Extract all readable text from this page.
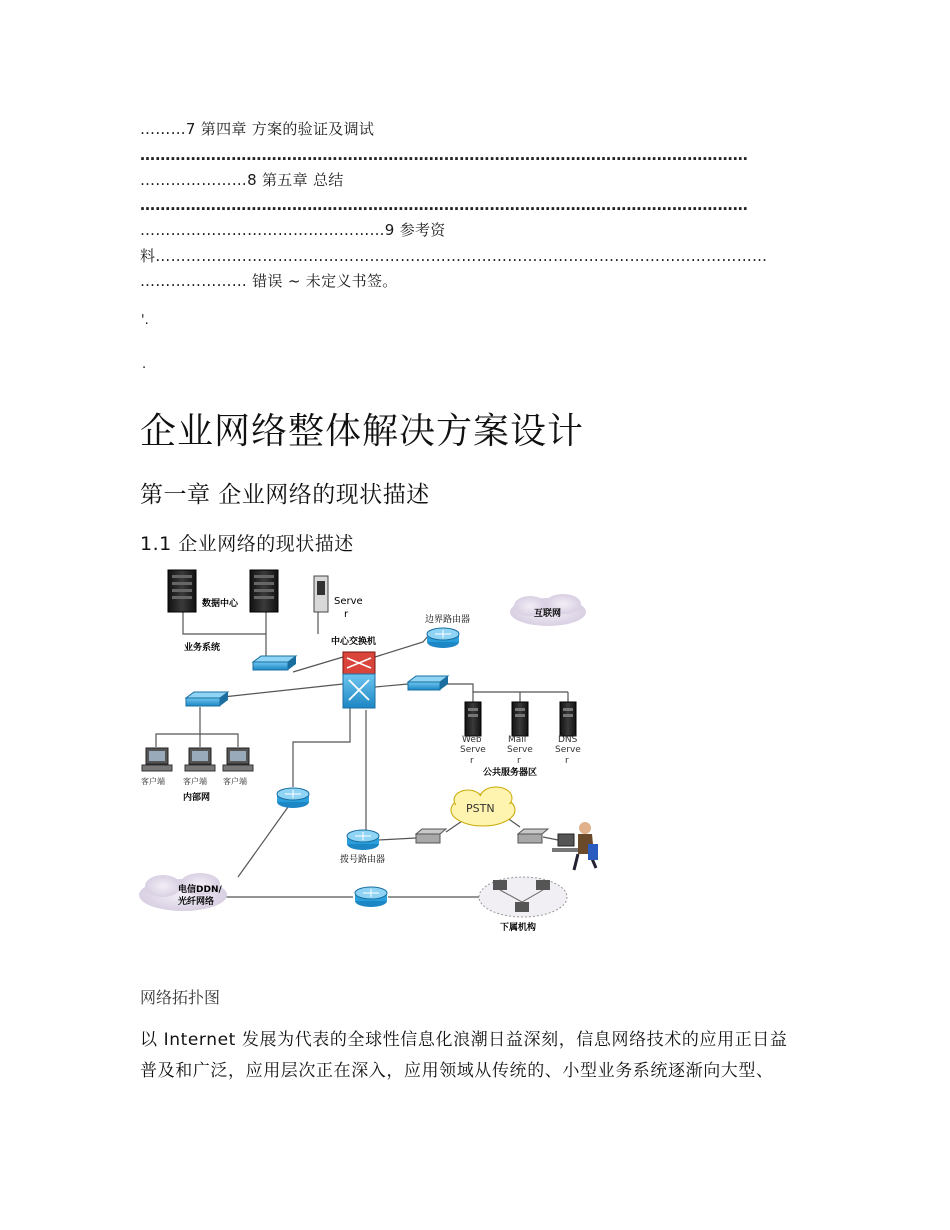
………7 第四章 方案的验证及调试
…………………………………………………………………………………………………………
…………………8 第五章 总结
…………………………………………………………………………………………………………
…………………………………………9 参考资
料…………………………………………………………………………………………………………
………………… 错误 ~ 未定义书签。
'.
.
企业网络整体解决方案设计
第一章 企业网络的现状描述
1.1 企业网络的现状描述
数据中心	Serve
r
业务系统
中心交换机
边界路由器
互联网
Web
Serve
r
Mail
Serve
r
DNS
Serve
r
公共服务器区
客户端 客户端 客户端
内部网
拨号路由器
PSTN
电信DDN/
光纤网络
下属机构
网络拓扑图
以 Internet 发展为代表的全球性信息化浪潮日益深刻，信息网络技术的应用正日益
普及和广泛，应用层次正在深入，应用领域从传统的、小型业务系统逐渐向大型、
